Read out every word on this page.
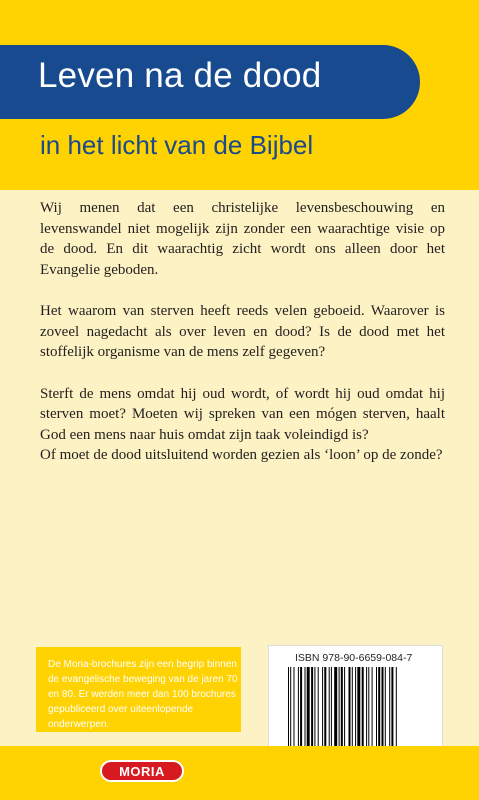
Leven na de dood
in het licht van de Bijbel

Wij menen dat een christelijke levensbeschouwing en levenswandel niet mogelijk zijn zonder een waarachtige visie op de dood. En dit waarachtig zicht wordt ons alleen door het Evangelie geboden.

Het waarom van sterven heeft reeds velen geboeid. Waarover is zoveel nagedacht als over leven en dood? Is de dood met het stoffelijk organisme van de mens zelf gegeven?

Sterft de mens omdat hij oud wordt, of wordt hij oud omdat hij sterven moet? Moeten wij spreken van een mógen sterven, haalt God een mens naar huis omdat zijn taak voleindigd is?

Of moet de dood uitsluitend worden gezien als ‘loon’ op de zonde?

De Moria-brochures zijn een begrip binnen de evangelische beweging van de jaren 70 en 80. Er werden meer dan 100 brochures gepubliceerd over uiteenlopende onderwerpen.
ISBN 978-90-6659-084-7
MORIA
